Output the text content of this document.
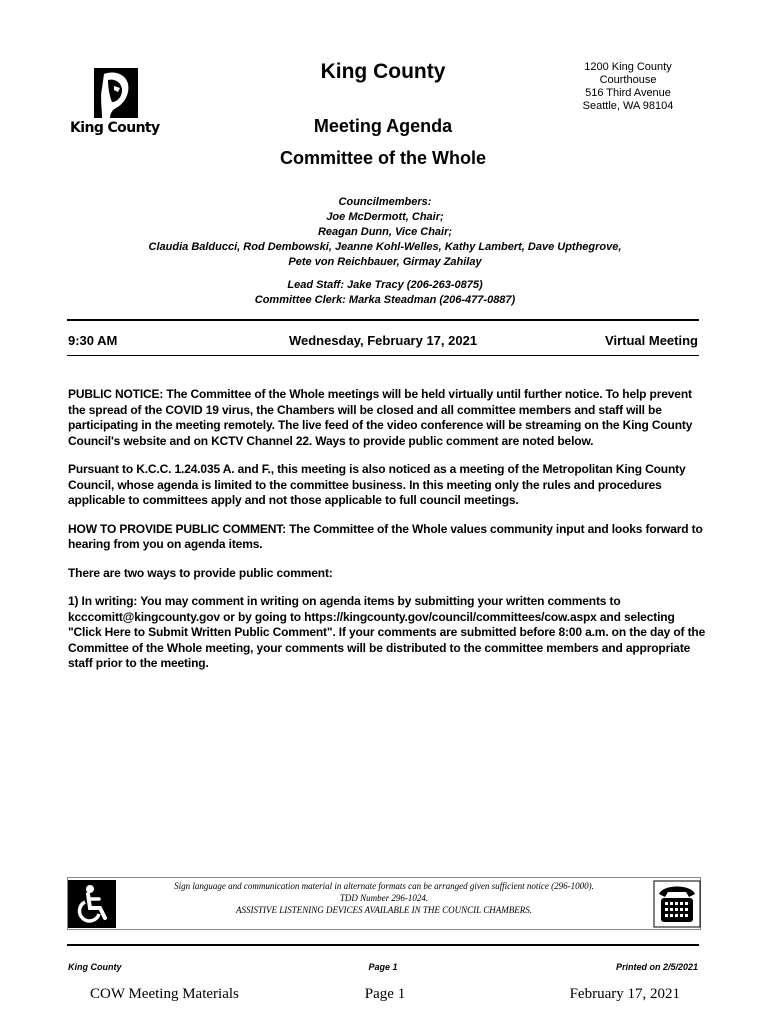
King County
King County	1200 King County
Courthouse
516 Third Avenue
Seattle, WA 98104
Meeting Agenda
Committee of the Whole
Councilmembers:
Joe McDermott, Chair;
Reagan Dunn, Vice Chair;
Claudia Balducci, Rod Dembowski, Jeanne Kohl-Welles, Kathy Lambert, Dave Upthegrove,
Pete von Reichbauer, Girmay Zahilay
Lead Staff: Jake Tracy (206-263-0875)
Committee Clerk: Marka Steadman (206-477-0887)
9:30 AM	Wednesday, February 17, 2021	Virtual Meeting

PUBLIC NOTICE: The Committee of the Whole meetings will be held virtually until further notice. To help prevent the spread of the COVID 19 virus, the Chambers will be closed and all committee members and staff will be participating in the meeting remotely. The live feed of the video conference will be streaming on the King County Council's website and on KCTV Channel 22. Ways to provide public comment are noted below.

Pursuant to K.C.C. 1.24.035 A. and F., this meeting is also noticed as a meeting of the Metropolitan King County Council, whose agenda is limited to the committee business. In this meeting only the rules and procedures applicable to committees apply and not those applicable to full council meetings.

HOW TO PROVIDE PUBLIC COMMENT: The Committee of the Whole values community input and looks forward to hearing from you on agenda items.

There are two ways to provide public comment:

1) In writing: You may comment in writing on agenda items by submitting your written comments to kcccomitt@kingcounty.gov or by going to https://kingcounty.gov/council/committees/cow.aspx and selecting "Click Here to Submit Written Public Comment". If your comments are submitted before 8:00 a.m. on the day of the Committee of the Whole meeting, your comments will be distributed to the committee members and appropriate staff prior to the meeting.

Sign language and communication material in alternate formats can be arranged given sufficient notice (296-1000).
TDD Number 296-1024.
ASSISTIVE LISTENING DEVICES AVAILABLE IN THE COUNCIL CHAMBERS.
King County	Page 1	Printed on 2/5/2021
COW Meeting Materials	Page 1	February 17, 2021
